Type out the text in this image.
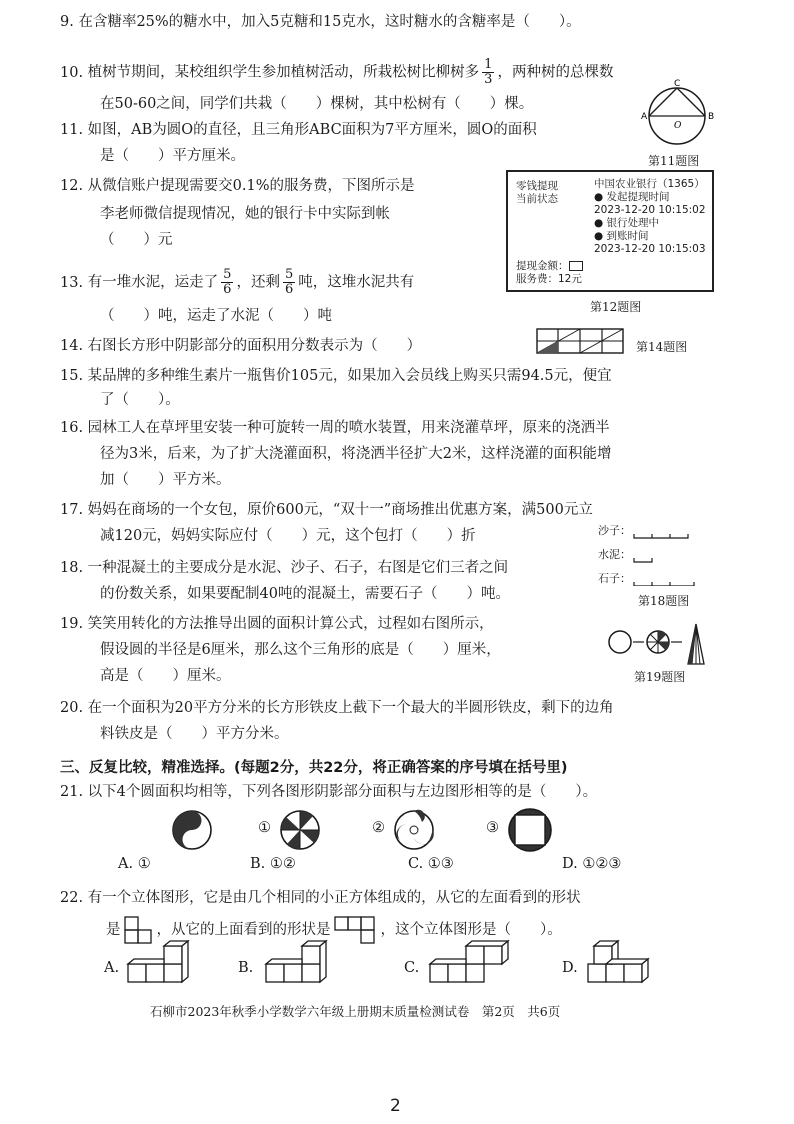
9. 在含糖率25%的糖水中，加入5克糖和15克水，这时糖水的含糖率是（　　）。
10. 植树节期间，某校组织学生参加植树活动，所栽松树比柳树多 $\frac{1}{3}$ ，两种树的总棵数
在50-60之间，同学们共栽（　　）棵树，其中松树有（　　）棵。
C
A	B
O
11. 如图，AB为圆O的直径，且三角形ABC面积为7平方厘米，圆O的面积
是（　　）平方厘米。	第11题图
12. 从微信账户提现需要交0.1%的服务费，下图所示是
李老师微信提现情况，她的银行卡中实际到帐
（　　）元
零钱提现
当前状态
中国农业银行（1365）
● 发起提现时间
2023-12-20 10:15:02
● 银行处理中
● 到账时间
2023-12-20 10:15:03
提现金额：
服务费：12元
第12题图
13. 有一堆水泥，运走了 $\frac{5}{6}$ ，还剩 $\frac{5}{6}$ 吨，这堆水泥共有
（　　）吨，运走了水泥（　　）吨
14. 右图长方形中阴影部分的面积用分数表示为（　　）	第14题图
15. 某品牌的多种维生素片一瓶售价105元，如果加入会员线上购买只需94.5元，便宜
了（　　）。
16. 园林工人在草坪里安装一种可旋转一周的喷水装置，用来浇灌草坪，原来的浇洒半
径为3米，后来，为了扩大浇灌面积，将浇洒半径扩大2米，这样浇灌的面积能增
加（　　）平方米。
17. 妈妈在商场的一个女包，原价600元，“双十一”商场推出优惠方案，满500元立
减120元，妈妈实际应付（　　）元，这个包打（　　）折	沙子：
水泥：
石子：
第18题图
18. 一种混凝土的主要成分是水泥、沙子、石子，右图是它们三者之间
的份数关系，如果要配制40吨的混凝土，需要石子（　　）吨。
19. 笑笑用转化的方法推导出圆的面积计算公式，过程如右图所示，
假设圆的半径是6厘米，那么这个三角形的底是（　　）厘米，
高是（　　）厘米。	第19题图
20. 在一个面积为20平方分米的长方形铁皮上截下一个最大的半圆形铁皮，剩下的边角
料铁皮是（　　）平方分米。
三、反复比较，精准选择。(每题2分，共22分，将正确答案的序号填在括号里)
21. 以下4个圆面积均相等，下列各图形阴影部分面积与左边图形相等的是（　　）。
①	②	③
A. ①	B. ①②	C. ①③	D. ①②③
22. 有一个立体图形，它是由几个相同的小正方体组成的，从它的左面看到的形状
是 ，从它的上面看到的形状是	，这个立体图形是（　　）。
A.	B.	C.	D.
石柳市2023年秋季小学数学六年级上册期末质量检测试卷　第2页　共6页
2
